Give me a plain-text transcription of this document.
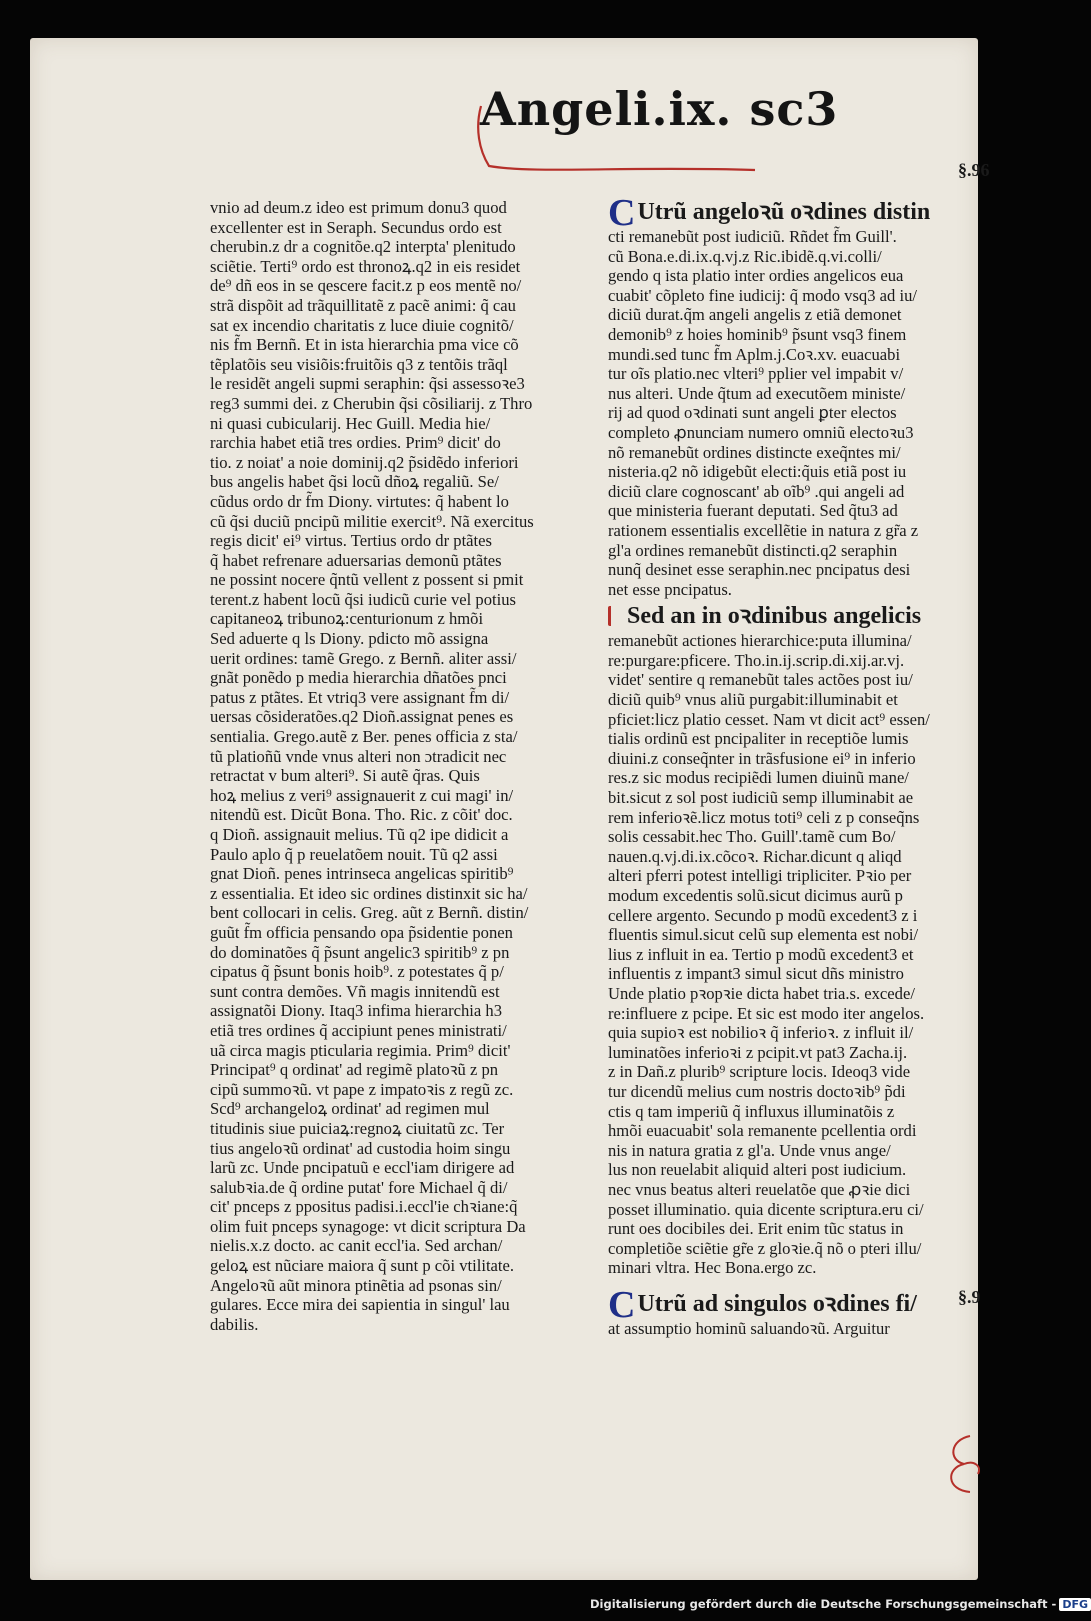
Angeli.ix. sc3
vnio ad deum.z ideo est primum donu3 quod
excellenter est in Seraph. Secundus ordo est
cherubin.z dr a cognitõe.q2 interpta' plenitudo
sciẽtie. Terti⁹ ordo est thronoꝝ.q2 in eis residet
de⁹ dñ eos in se qescere facit.z p eos mentẽ no/
strã dispõit ad trãquillitatẽ z pacẽ animi: q̃ cau
sat ex incendio charitatis z luce diuie cognitõ/
nis f̃m Bernñ. Et in ista hierarchia pma vice cõ
tẽplatõis seu visiõis:fruitõis q3 z tentõis trãql
le residẽt angeli supmi seraphin: q̃si assessoꝛe3
reg3 summi dei. z Cherubin q̃si cõsiliarij. z Thro
ni quasi cubicularij. Hec Guill. Media hie/
rarchia habet etiã tres ordies. Prim⁹ dicit' do
tio. z noiat' a noie dominij.q2 p̃sidẽdo inferiori
bus angelis habet q̃si locũ dñoꝝ regaliũ. Se/
cũdus ordo dr f̃m Diony. virtutes: q̃ habent lo
cũ q̃si duciũ pncipũ militie exercit⁹. Nã exercitus
regis dicit' ei⁹ virtus. Tertius ordo dr ptãtes
q̃ habet refrenare aduersarias demonũ ptãtes
ne possint nocere q̃ntũ vellent z possent si pmit
terent.z habent locũ q̃si iudicũ curie vel potius
capitaneoꝝ tribunoꝝ:centurionum z hmõi
Sed aduerte q ls Diony. pdicto mõ assigna
uerit ordines: tamẽ Grego. z Bernñ. aliter assi/
gnãt ponẽdo p media hierarchia dñatões pnci
patus z ptãtes. Et vtriq3 vere assignant f̃m di/
uersas cõsideratões.q2 Dioñ.assignat penes es
sentialia. Grego.autẽ z Ber. penes officia z sta/
tũ platioñũ vnde vnus alteri non ɔtradicit nec
retractat v bum alteri⁹. Si autẽ q̃ras. Quis
hoꝝ melius z veri⁹ assignauerit z cui magi' in/
nitendũ est. Dicũt Bona. Tho. Ric. z cõit' doc.
q Dioñ. assignauit melius. Tũ q2 ipe didicit a
Paulo aplo q̃ p reuelatõem nouit. Tũ q2 assi
gnat Dioñ. penes intrinseca angelicas spiritib⁹
z essentialia. Et ideo sic ordines distinxit sic ha/
bent collocari in celis. Greg. aũt z Bernñ. distin/
guũt f̃m officia pensando opa p̃sidentie ponen
do dominatões q̃ p̃sunt angelic3 spiritib⁹ z pn
cipatus q̃ p̃sunt bonis hoib⁹. z potestates q̃ p/
sunt contra demões. Vñ magis innitendũ est
assignatõi Diony. Itaq3 infima hierarchia h3
etiã tres ordines q̃ accipiunt penes ministrati/
uã circa magis pticularia regimia. Prim⁹ dicit'
Principat⁹ q ordinat' ad regimẽ platoꝛũ z pn
cipũ summoꝛũ. vt pape z impatoꝛis z regũ zc.
Scd⁹ archangeloꝝ ordinat' ad regimen mul
titudinis siue puiciaꝝ:regnoꝝ ciuitatũ zc. Ter
tius angeloꝛũ ordinat' ad custodia hoim singu
larũ zc. Unde pncipatuũ e eccl'iam dirigere ad
salubꝛia.de q̃ ordine putat' fore Michael q̃ di/
cit' pnceps z ppositus padisi.i.eccl'ie chꝛiane:q̃
olim fuit pnceps synagoge: vt dicit scriptura Da
nielis.x.z docto. ac canit eccl'ia. Sed archan/
geloꝝ est nũciare maiora q̃ sunt p cõi vtilitate.
Angeloꝛũ aũt minora ptinẽtia ad psonas sin/
gulares. Ecce mira dei sapientia in singul' lau
dabilis.
CUtrũ angeloꝛũ oꝛdines distin
cti remanebũt post iudiciũ. Rñdet f̃m Guill'.
cũ Bona.e.di.ix.q.vj.z Ric.ibidẽ.q.vi.colli/
gendo q ista platio inter ordies angelicos eua
cuabit' cõpleto fine iudicij: q̃ modo vsq3 ad iu/
diciũ durat.q̃m angeli angelis z etiã demonet
demonib⁹ z hoies hominib⁹ p̃sunt vsq3 finem
mundi.sed tunc f̃m Aplm.j.Coꝛ.xv. euacuabi
tur oĩs platio.nec vlteri⁹ pplier vel impabit v/
nus alteri. Unde q̃tum ad executõem ministe/
rij ad quod oꝛdinati sunt angeli ꝑter electos
completo ꝓnunciam numero omniũ electoꝛu3
nõ remanebũt ordines distincte exeq̃ntes mi/
nisteria.q2 nõ idigebũt electi:q̃uis etiã post iu
diciũ clare cognoscant' ab oĩb⁹ .qui angeli ad
que ministeria fuerant deputati. Sed q̃tu3 ad
rationem essentialis excellẽtie in natura z gr̃a z
gl'a ordines remanebũt distincti.q2 seraphin
nunq̃ desinet esse seraphin.nec pncipatus desi
net esse pncipatus.
Sed an in oꝛdinibus angelicis
remanebũt actiones hierarchice:puta illumina/
re:purgare:pficere. Tho.in.ij.scrip.di.xij.ar.vj.
videt' sentire q remanebũt tales actões post iu/
diciũ quib⁹ vnus aliũ purgabit:illuminabit et
pficiet:licz platio cesset. Nam vt dicit act⁹ essen/
tialis ordinũ est pncipaliter in receptiõe lumis
diuini.z conseq̃nter in trãsfusione ei⁹ in inferio
res.z sic modus recipiẽdi lumen diuinũ mane/
bit.sicut z sol post iudiciũ semp illuminabit ae
rem inferioꝛẽ.licz motus toti⁹ celi z p conseq̃ns
solis cessabit.hec Tho. Guill'.tamẽ cum Bo/
nauen.q.vj.di.ix.cõcoꝛ. Richar.dicunt q aliqd
alteri pferri potest intelligi tripliciter. Pꝛio per
modum excedentis solũ.sicut dicimus aurũ p
cellere argento. Secundo p modũ excedent3 z i
fluentis simul.sicut celũ sup elementa est nobi/
lius z influit in ea. Tertio p modũ excedent3 et
influentis z impant3 simul sicut dñs ministro
Unde platio pꝛopꝛie dicta habet tria.s. excede/
re:influere z pcipe. Et sic est modo iter angelos.
quia supioꝛ est nobilioꝛ q̃ inferioꝛ. z influit il/
luminatões inferioꝛi z pcipit.vt pat3 Zacha.ij.
z in Dañ.z plurib⁹ scripture locis. Ideoq3 vide
tur dicendũ melius cum nostris doctoꝛib⁹ p̃di
ctis q tam imperiũ q̃ influxus illuminatõis z
hmõi euacuabit' sola remanente pcellentia ordi
nis in natura gratia z gl'a. Unde vnus ange/
lus non reuelabit aliquid alteri post iudicium.
nec vnus beatus alteri reuelatõe que ꝓꝛie dici
posset illuminatio. quia dicente scriptura.eru ci/
runt oes docibiles dei. Erit enim tũc status in
completiõe sciẽtie gr̃e z gloꝛie.q̃ nõ o pteri illu/
minari vltra. Hec Bona.ergo zc.
CUtrũ ad singulos oꝛdines fi/
at assumptio hominũ saluandoꝛũ. Arguitur
§.96
§.9
Digitalisierung gefördert durch die Deutsche Forschungsgemeinschaft - DFG
